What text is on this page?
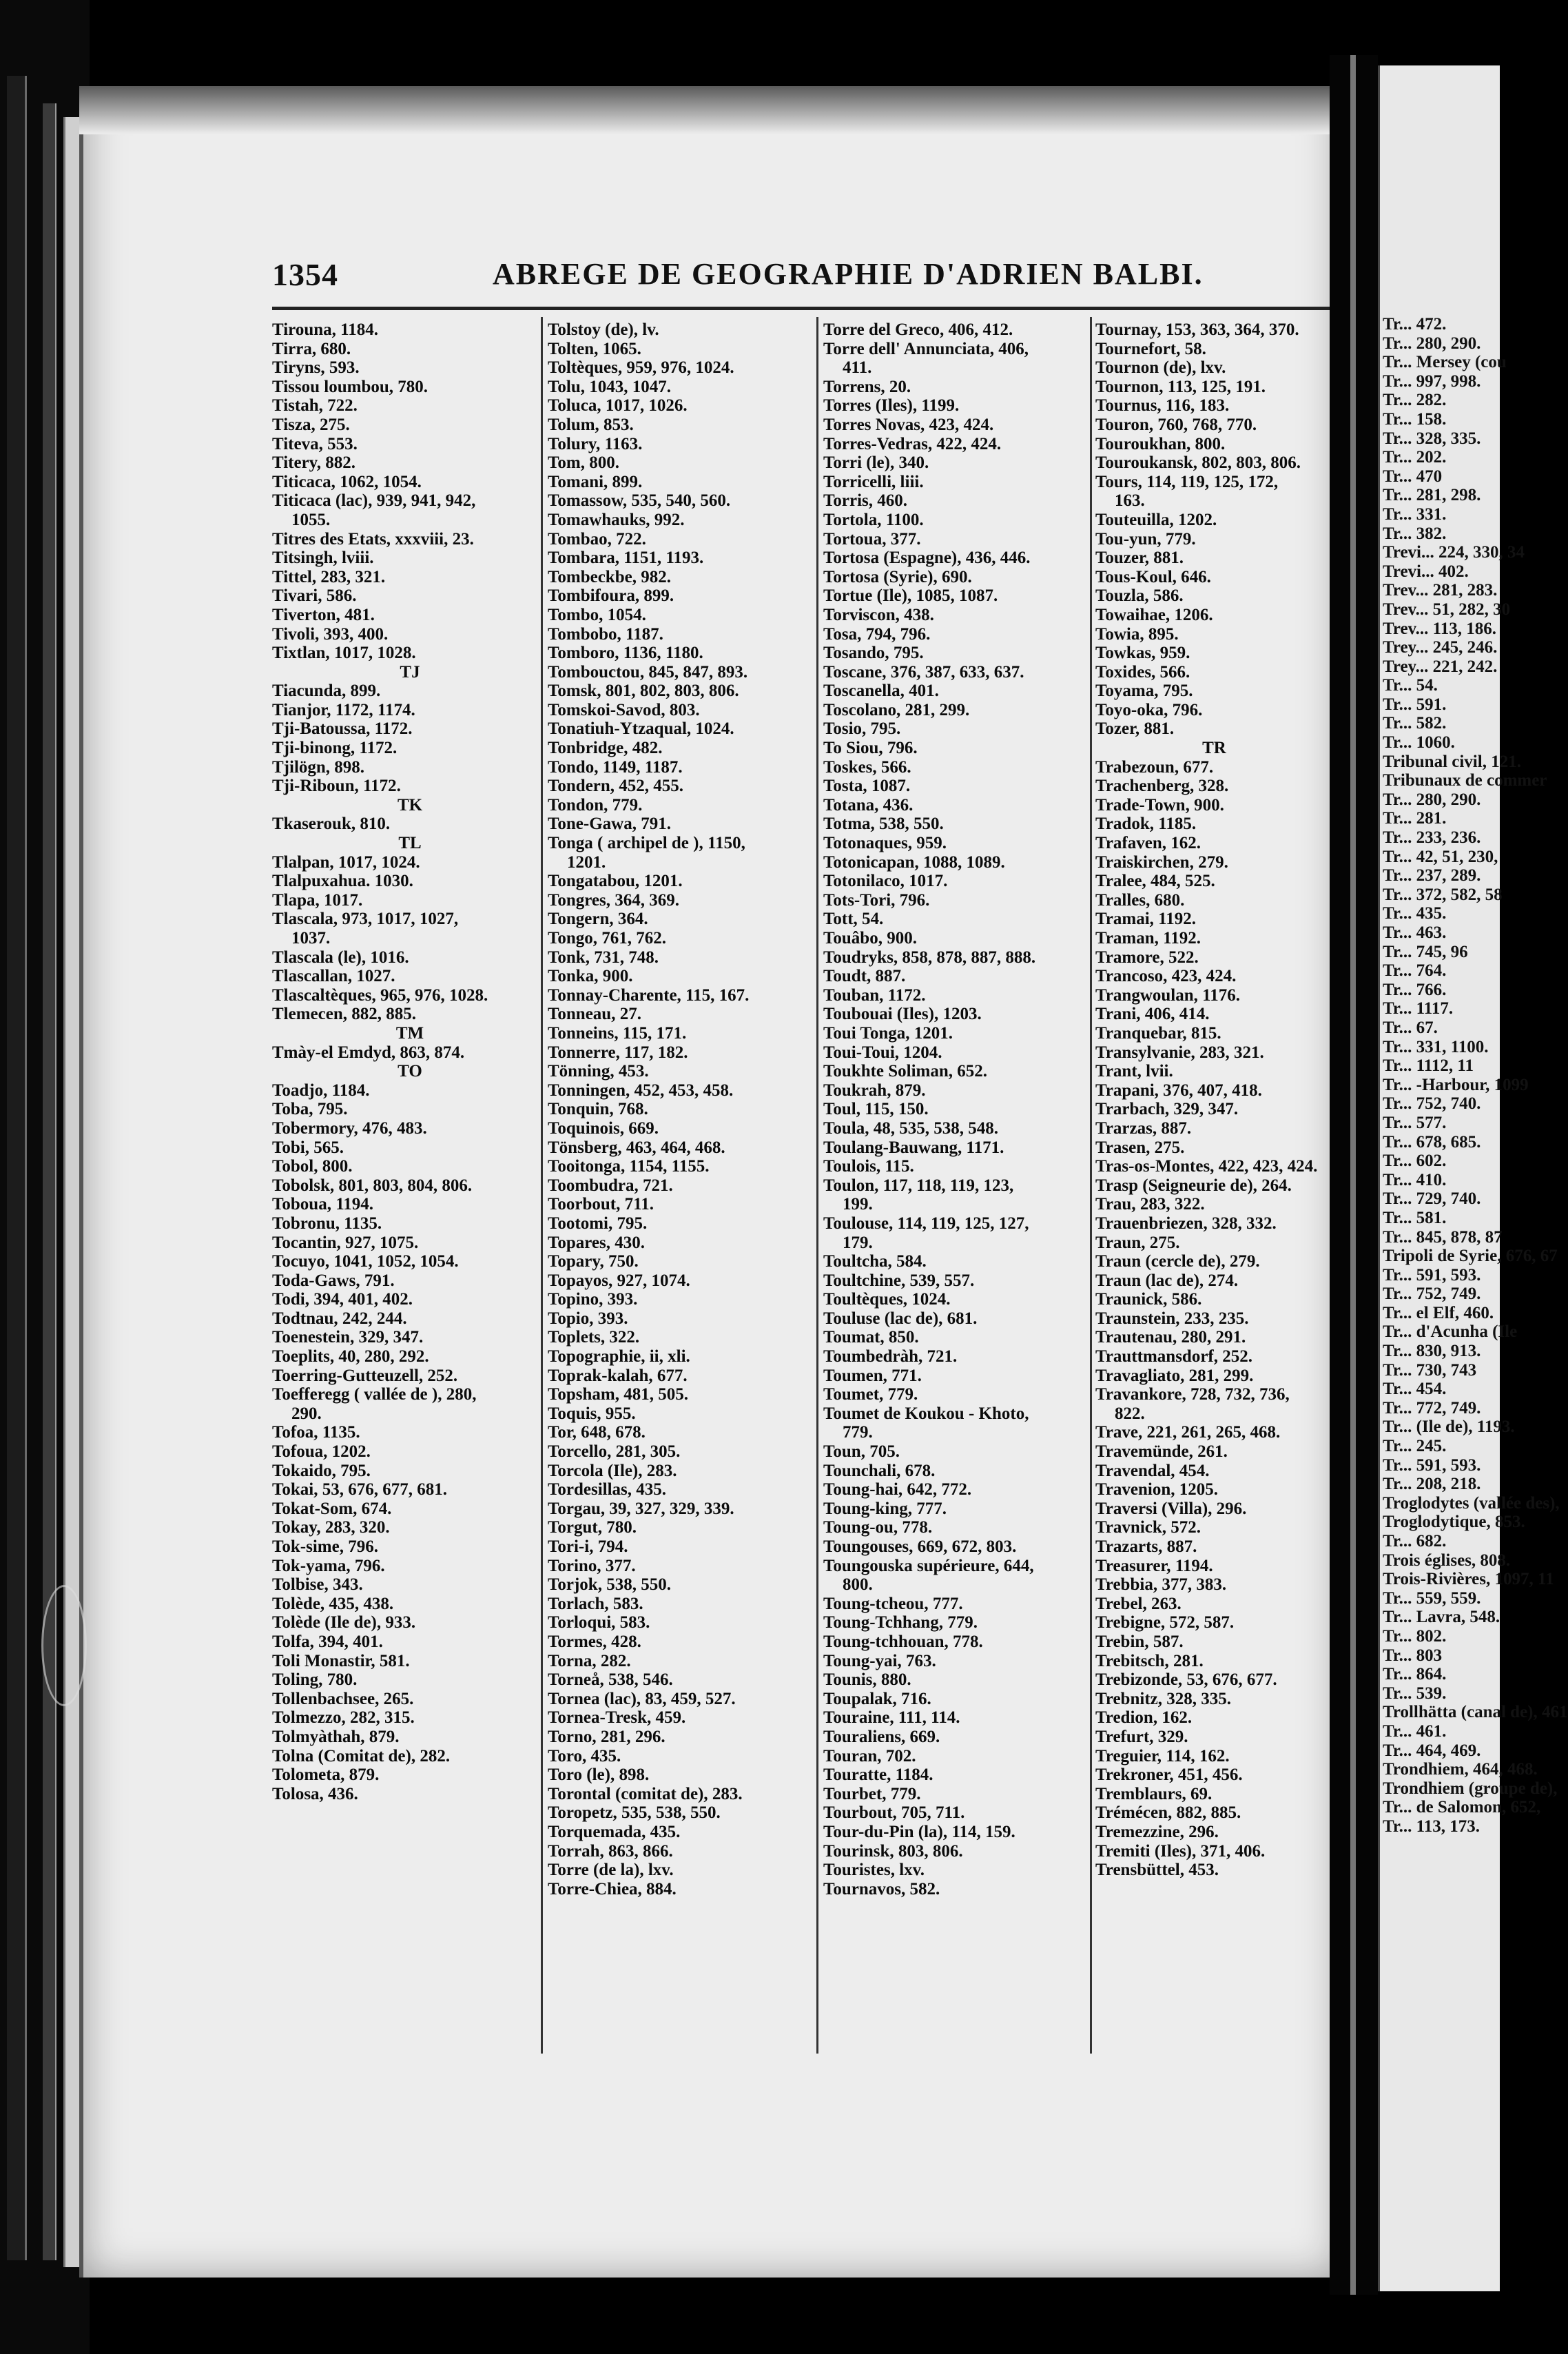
1354	ABREGE DE GEOGRAPHIE D'ADRIEN BALBI.
Tirouna, 1184.
Tirra, 680.
Tiryns, 593.
Tissou loumbou, 780.
Tistah, 722.
Tisza, 275.
Titeva, 553.
Titery, 882.
Titicaca, 1062, 1054.
Titicaca (lac), 939, 941, 942,
1055.
Titres des Etats, xxxviii, 23.
Titsingh, lviii.
Tittel, 283, 321.
Tivari, 586.
Tiverton, 481.
Tivoli, 393, 400.
Tixtlan, 1017, 1028.
TJ
Tiacunda, 899.
Tianjor, 1172, 1174.
Tji-Batoussa, 1172.
Tji-binong, 1172.
Tjilögn, 898.
Tji-Riboun, 1172.
TK
Tkaserouk, 810.
TL
Tlalpan, 1017, 1024.
Tlalpuxahua. 1030.
Tlapa, 1017.
Tlascala, 973, 1017, 1027,
1037.
Tlascala (le), 1016.
Tlascallan, 1027.
Tlascaltèques, 965, 976, 1028.
Tlemecen, 882, 885.
TM
Tmày-el Emdyd, 863, 874.
TO
Toadjo, 1184.
Toba, 795.
Tobermory, 476, 483.
Tobi, 565.
Tobol, 800.
Tobolsk, 801, 803, 804, 806.
Toboua, 1194.
Tobronu, 1135.
Tocantin, 927, 1075.
Tocuyo, 1041, 1052, 1054.
Toda-Gaws, 791.
Todi, 394, 401, 402.
Todtnau, 242, 244.
Toenestein, 329, 347.
Toeplits, 40, 280, 292.
Toerring-Gutteuzell, 252.
Toefferegg ( vallée de ), 280,
290.
Tofoa, 1135.
Tofoua, 1202.
Tokaido, 795.
Tokai, 53, 676, 677, 681.
Tokat-Som, 674.
Tokay, 283, 320.
Tok-sime, 796.
Tok-yama, 796.
Tolbise, 343.
Tolède, 435, 438.
Tolède (Ile de), 933.
Tolfa, 394, 401.
Toli Monastir, 581.
Toling, 780.
Tollenbachsee, 265.
Tolmezzo, 282, 315.
Tolmyàthah, 879.
Tolna (Comitat de), 282.
Tolometa, 879.
Tolosa, 436.
Tolstoy (de), lv.
Tolten, 1065.
Toltèques, 959, 976, 1024.
Tolu, 1043, 1047.
Toluca, 1017, 1026.
Tolum, 853.
Tolury, 1163.
Tom, 800.
Tomani, 899.
Tomassow, 535, 540, 560.
Tomawhauks, 992.
Tombao, 722.
Tombara, 1151, 1193.
Tombeckbe, 982.
Tombifoura, 899.
Tombo, 1054.
Tombobo, 1187.
Tomboro, 1136, 1180.
Tombouctou, 845, 847, 893.
Tomsk, 801, 802, 803, 806.
Tomskoi-Savod, 803.
Tonatiuh-Ytzaqual, 1024.
Tonbridge, 482.
Tondo, 1149, 1187.
Tondern, 452, 455.
Tondon, 779.
Tone-Gawa, 791.
Tonga ( archipel de ), 1150,
1201.
Tongatabou, 1201.
Tongres, 364, 369.
Tongern, 364.
Tongo, 761, 762.
Tonk, 731, 748.
Tonka, 900.
Tonnay-Charente, 115, 167.
Tonneau, 27.
Tonneins, 115, 171.
Tonnerre, 117, 182.
Tönning, 453.
Tonningen, 452, 453, 458.
Tonquin, 768.
Toquinois, 669.
Tönsberg, 463, 464, 468.
Tooitonga, 1154, 1155.
Toombudra, 721.
Toorbout, 711.
Tootomi, 795.
Topares, 430.
Topary, 750.
Topayos, 927, 1074.
Topino, 393.
Topio, 393.
Toplets, 322.
Topographie, ii, xli.
Toprak-kalah, 677.
Topsham, 481, 505.
Toquis, 955.
Tor, 648, 678.
Torcello, 281, 305.
Torcola (Ile), 283.
Tordesillas, 435.
Torgau, 39, 327, 329, 339.
Torgut, 780.
Tori-i, 794.
Torino, 377.
Torjok, 538, 550.
Torlach, 583.
Torloqui, 583.
Tormes, 428.
Torna, 282.
Torneå, 538, 546.
Tornea (lac), 83, 459, 527.
Tornea-Tresk, 459.
Torno, 281, 296.
Toro, 435.
Toro (le), 898.
Torontal (comitat de), 283.
Toropetz, 535, 538, 550.
Torquemada, 435.
Torrah, 863, 866.
Torre (de la), lxv.
Torre-Chiea, 884.
Torre del Greco, 406, 412.
Torre dell' Annunciata, 406,
411.
Torrens, 20.
Torres (Iles), 1199.
Torres Novas, 423, 424.
Torres-Vedras, 422, 424.
Torri (le), 340.
Torricelli, liii.
Torris, 460.
Tortola, 1100.
Tortoua, 377.
Tortosa (Espagne), 436, 446.
Tortosa (Syrie), 690.
Tortue (Ile), 1085, 1087.
Torviscon, 438.
Tosa, 794, 796.
Tosando, 795.
Toscane, 376, 387, 633, 637.
Toscanella, 401.
Toscolano, 281, 299.
Tosio, 795.
To Siou, 796.
Toskes, 566.
Tosta, 1087.
Totana, 436.
Totma, 538, 550.
Totonaques, 959.
Totonicapan, 1088, 1089.
Totonilaco, 1017.
Tots-Tori, 796.
Tott, 54.
Touâbo, 900.
Toudryks, 858, 878, 887, 888.
Toudt, 887.
Touban, 1172.
Toubouai (Iles), 1203.
Toui Tonga, 1201.
Toui-Toui, 1204.
Toukhte Soliman, 652.
Toukrah, 879.
Toul, 115, 150.
Toula, 48, 535, 538, 548.
Toulang-Bauwang, 1171.
Toulois, 115.
Toulon, 117, 118, 119, 123,
199.
Toulouse, 114, 119, 125, 127,
179.
Toultcha, 584.
Toultchine, 539, 557.
Toultèques, 1024.
Touluse (lac de), 681.
Toumat, 850.
Toumbedràh, 721.
Toumen, 771.
Toumet, 779.
Toumet de Koukou - Khoto,
779.
Toun, 705.
Tounchali, 678.
Toung-hai, 642, 772.
Toung-king, 777.
Toung-ou, 778.
Toungouses, 669, 672, 803.
Toungouska supérieure, 644,
800.
Toung-tcheou, 777.
Toung-Tchhang, 779.
Toung-tchhouan, 778.
Toung-yai, 763.
Tounis, 880.
Toupalak, 716.
Touraine, 111, 114.
Touraliens, 669.
Touran, 702.
Touratte, 1184.
Tourbet, 779.
Tourbout, 705, 711.
Tour-du-Pin (la), 114, 159.
Tourinsk, 803, 806.
Touristes, lxv.
Tournavos, 582.
Tournay, 153, 363, 364, 370.
Tournefort, 58.
Tournon (de), lxv.
Tournon, 113, 125, 191.
Tournus, 116, 183.
Touron, 760, 768, 770.
Touroukhan, 800.
Touroukansk, 802, 803, 806.
Tours, 114, 119, 125, 172,
163.
Touteuilla, 1202.
Tou-yun, 779.
Touzer, 881.
Tous-Koul, 646.
Touzla, 586.
Towaihae, 1206.
Towia, 895.
Towkas, 959.
Toxides, 566.
Toyama, 795.
Toyo-oka, 796.
Tozer, 881.
TR
Trabezoun, 677.
Trachenberg, 328.
Trade-Town, 900.
Tradok, 1185.
Trafaven, 162.
Traiskirchen, 279.
Tralee, 484, 525.
Tralles, 680.
Tramai, 1192.
Traman, 1192.
Tramore, 522.
Trancoso, 423, 424.
Trangwoulan, 1176.
Trani, 406, 414.
Tranquebar, 815.
Transylvanie, 283, 321.
Trant, lvii.
Trapani, 376, 407, 418.
Trarbach, 329, 347.
Trarzas, 887.
Trasen, 275.
Tras-os-Montes, 422, 423, 424.
Trasp (Seigneurie de), 264.
Trau, 283, 322.
Trauenbriezen, 328, 332.
Traun, 275.
Traun (cercle de), 279.
Traun (lac de), 274.
Traunick, 586.
Traunstein, 233, 235.
Trautenau, 280, 291.
Trauttmansdorf, 252.
Travagliato, 281, 299.
Travankore, 728, 732, 736,
822.
Trave, 221, 261, 265, 468.
Travemünde, 261.
Travendal, 454.
Travenion, 1205.
Traversi (Villa), 296.
Travnick, 572.
Trazarts, 887.
Treasurer, 1194.
Trebbia, 377, 383.
Trebel, 263.
Trebigne, 572, 587.
Trebin, 587.
Trebitsch, 281.
Trebizonde, 53, 676, 677.
Trebnitz, 328, 335.
Tredion, 162.
Trefurt, 329.
Treguier, 114, 162.
Trekroner, 451, 456.
Tremblaurs, 69.
Trémécen, 882, 885.
Tremezzine, 296.
Tremiti (Iles), 371, 406.
Trensbüttel, 453.
Tr... 472.
Tr... 280, 290.
Tr... Mersey (cou
Tr... 997, 998.
Tr... 282.
Tr... 158.
Tr... 328, 335.
Tr... 202.
Tr... 470
Tr... 281, 298.
Tr... 331.
Tr... 382.
Trevi... 224, 330, 34
Trevi... 402.
Trev... 281, 283.
Trev... 51, 282, 30
Trev... 113, 186.
Trey... 245, 246.
Trey... 221, 242.
Tr... 54.
Tr... 591.
Tr... 582.
Tr... 1060.
Tribunal civil, 121.
Tribunaux de commer
Tr... 280, 290.
Tr... 281.
Tr... 233, 236.
Tr... 42, 51, 230,
Tr... 237, 289.
Tr... 372, 582, 58
Tr... 435.
Tr... 463.
Tr... 745, 96
Tr... 764.
Tr... 766.
Tr... 1117.
Tr... 67.
Tr... 331, 1100.
Tr... 1112, 11
Tr... -Harbour, 1099
Tr... 752, 740.
Tr... 577.
Tr... 678, 685.
Tr... 602.
Tr... 410.
Tr... 729, 740.
Tr... 581.
Tr... 845, 878, 87
Tripoli de Syrie, 676, 67
Tr... 591, 593.
Tr... 752, 749.
Tr... el Elf, 460.
Tr... d'Acunha (Ile
Tr... 830, 913.
Tr... 730, 743
Tr... 454.
Tr... 772, 749.
Tr... (Ile de), 1193.
Tr... 245.
Tr... 591, 593.
Tr... 208, 218.
Troglodytes (vallée des),
Troglodytique, 853.
Tr... 682.
Trois églises, 808.
Trois-Rivières, 1097, 11
Tr... 559, 559.
Tr... Lavra, 548.
Tr... 802.
Tr... 803
Tr... 864.
Tr... 539.
Trollhätta (canal de), 461
Tr... 461.
Tr... 464, 469.
Trondhiem, 464, 468.
Trondhiem (groupe de),
Tr... de Salomon, 652,
Tr... 113, 173.
